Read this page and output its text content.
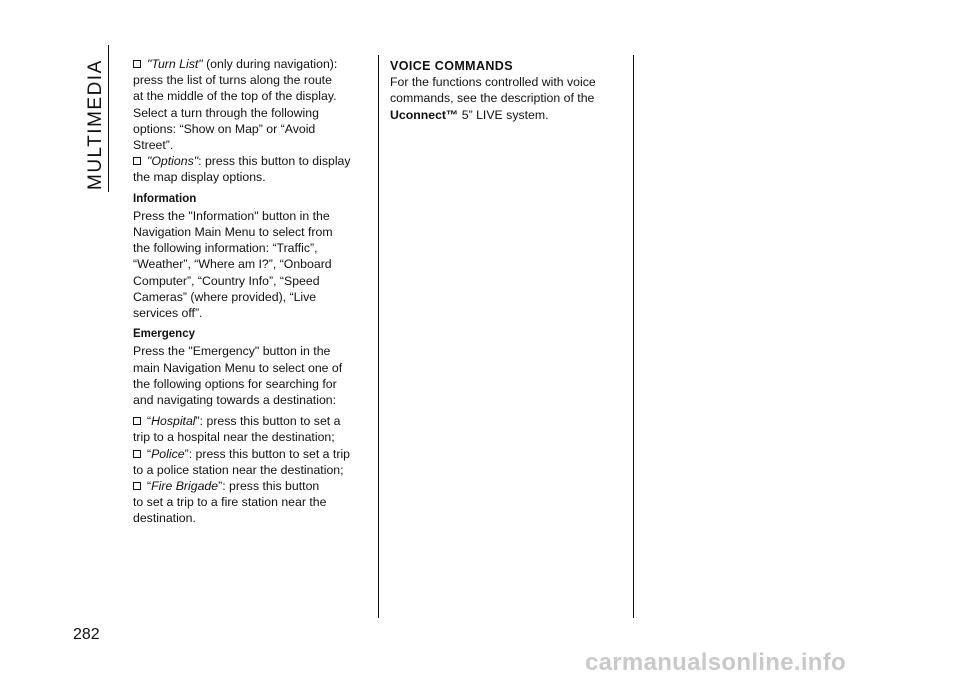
MULTIMEDIA
282
"Turn List" (only during navigation):
press the list of turns along the route
at the middle of the top of the display.
Select a turn through the following
options: “Show on Map” or “Avoid
Street”.
"Options": press this button to display
the map display options.
Information
Press the "Information" button in the
Navigation Main Menu to select from
the following information: “Traffic”,
“Weather”, “Where am I?”, “Onboard
Computer”, “Country Info”, “Speed
Cameras” (where provided), “Live
services off”.
Emergency
Press the "Emergency" button in the
main Navigation Menu to select one of
the following options for searching for
and navigating towards a destination:
“Hospital”: press this button to set a
trip to a hospital near the destination;
“Police”: press this button to set a trip
to a police station near the destination;
“Fire Brigade”: press this button
to set a trip to a fire station near the
destination.
VOICE COMMANDS
For the functions controlled with voice
commands, see the description of the
Uconnect™ 5” LIVE system.
carmanualsonline.info
